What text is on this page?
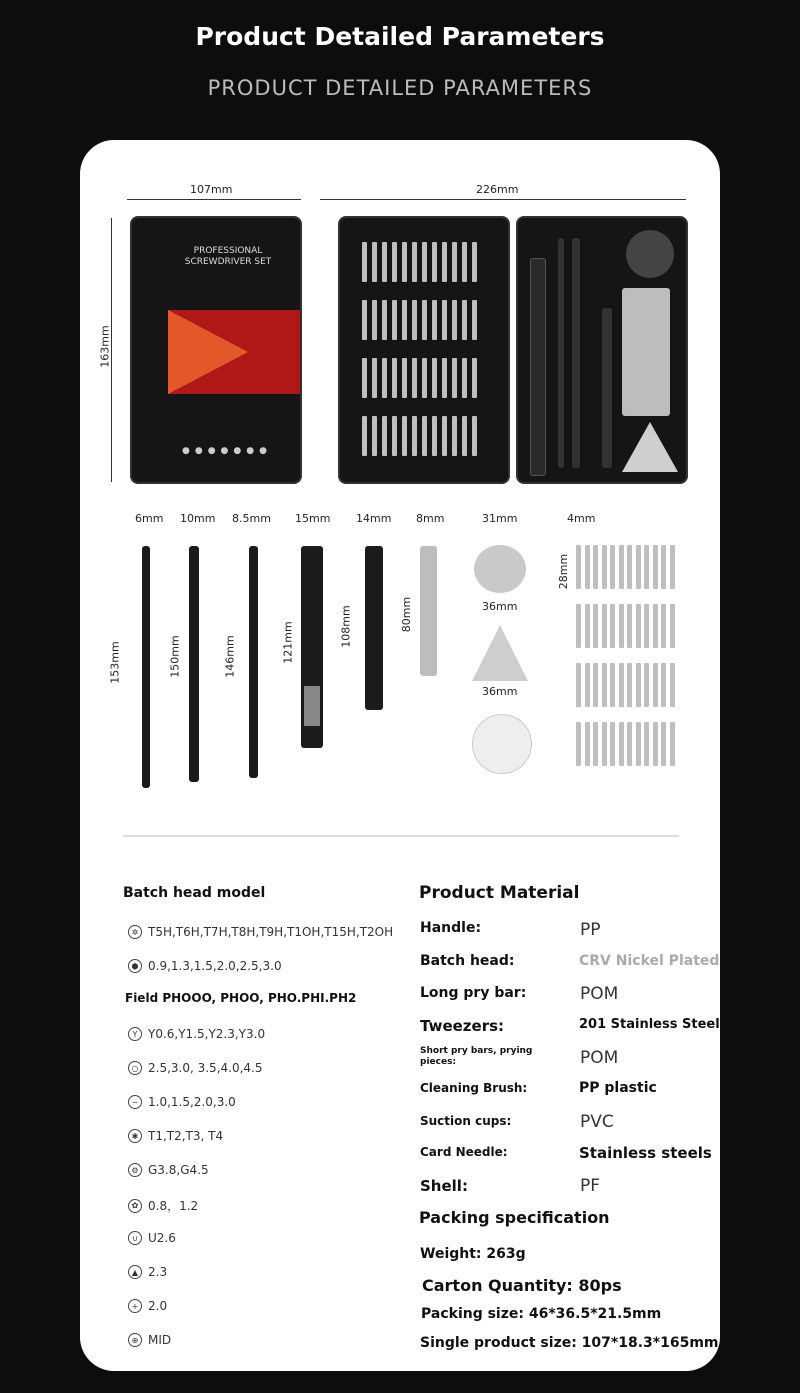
Product Detailed Parameters
PRODUCT DETAILED PARAMETERS
107mm	226mm
163mm
PROFESSIONAL
SCREWDRIVER SET
●●●●●●●
6mm 10mm 8.5mm 15mm 14mm 8mm	31mm	4mm
153mm	150mm	146mm	121mm	108mm	80mm	36mm
36mm
28mm
Batch head model
✲ T5H,T6H,T7H,T8H,T9H,T1OH,T15H,T2OH
⬢ 0.9,1.3,1.5,2.0,2.5,3.0
Field PHOOO, PHOO, PHO.PHI.PH2
Y Y0.6,Y1.5,Y2.3,Y3.0
○ 2.5,3.0, 3.5,4.0,4.5
− 1.0,1.5,2.0,3.0
✱ T1,T2,T3, T4
⚙ G3.8,G4.5
✿ 0.8，1.2
∪ U2.6
▲ 2.3
+ 2.0
⊕ MID
Product Material
Handle:	PP
Batch head:	CRV Nickel Plated
Long pry bar:	POM
Tweezers:	201 Stainless Steel
Short pry bars, prying pieces:	POM
Cleaning Brush:	PP plastic
Suction cups:	PVC
Card Needle:	Stainless steels
Shell:	PF
Packing specification
Weight: 263g
Carton Quantity: 80ps
Packing size: 46*36.5*21.5mm
Single product size: 107*18.3*165mm
